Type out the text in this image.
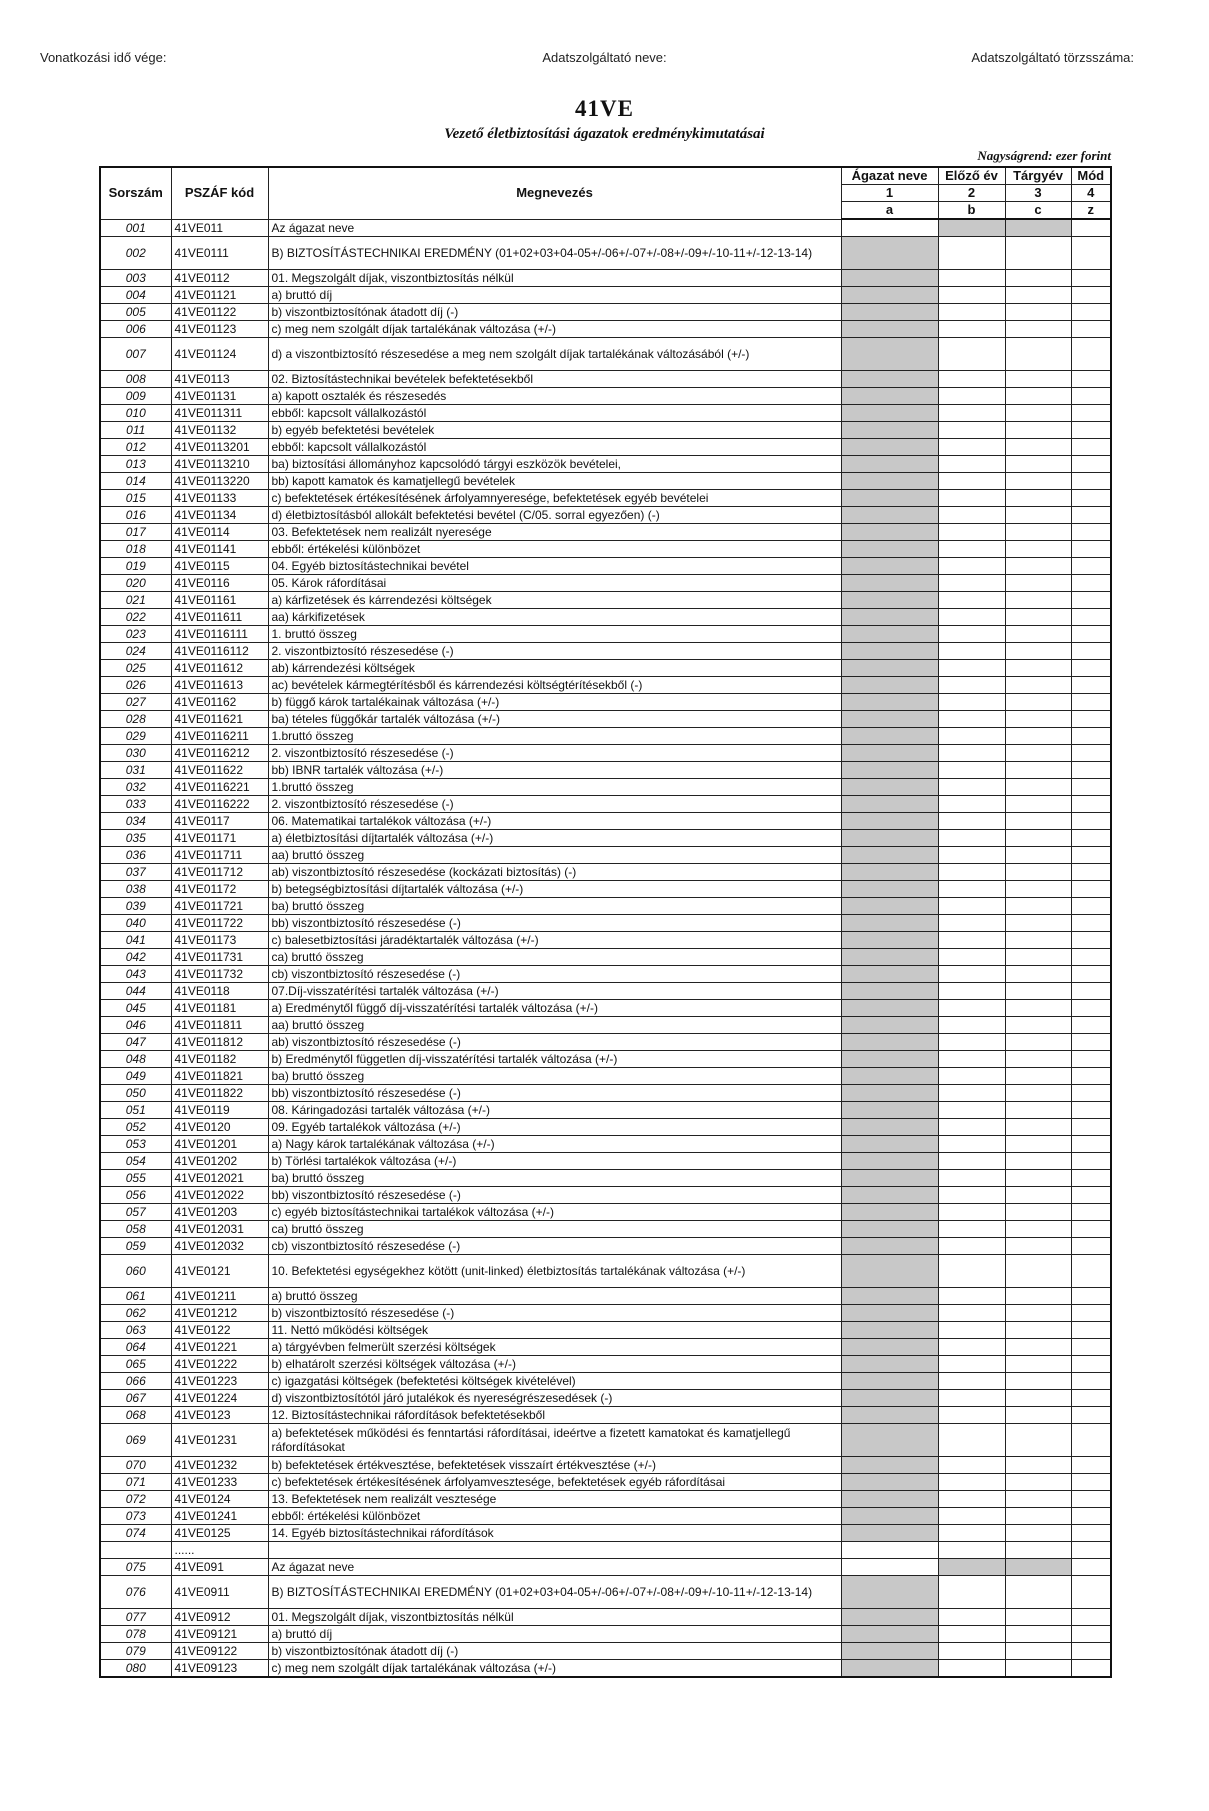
Vonatkozási idő vége:	Adatszolgáltató neve:	Adatszolgáltató törzsszáma:
41VE
Vezető életbiztosítási ágazatok eredménykimutatásai
Nagyságrend: ezer forint
Sorszám	PSZÁF kód	Megnevezés	Ágazat neve	Előző év	Tárgyév	Mód
			1	2	3	4
			a	b	c	z
001	41VE011	Az ágazat neve				
002	41VE0111	B) BIZTOSÍTÁSTECHNIKAI EREDMÉNY (01+02+03+04-05+/-06+/-07+/-08+/-09+/-10-11+/-12-13-14)				
003	41VE0112	01. Megszolgált díjak, viszontbiztosítás nélkül				
004	41VE01121	a) bruttó díj				
005	41VE01122	b) viszontbiztosítónak átadott díj (-)				
006	41VE01123	c) meg nem szolgált díjak tartalékának változása (+/-)				
007	41VE01124	d) a viszontbiztosító részesedése a meg nem szolgált díjak tartalékának változásából (+/-)				
008	41VE0113	02. Biztosítástechnikai bevételek befektetésekből				
009	41VE01131	a) kapott osztalék és részesedés				
010	41VE011311	ebből: kapcsolt vállalkozástól				
011	41VE01132	b) egyéb befektetési bevételek				
012	41VE0113201	ebből: kapcsolt vállalkozástól				
013	41VE0113210	ba) biztosítási állományhoz kapcsolódó tárgyi eszközök bevételei,				
014	41VE0113220	bb) kapott kamatok és kamatjellegű bevételek				
015	41VE01133	c) befektetések értékesítésének árfolyamnyeresége, befektetések egyéb bevételei				
016	41VE01134	d) életbiztosításból allokált befektetési bevétel (C/05. sorral egyezően) (-)				
017	41VE0114	03. Befektetések nem realizált nyeresége				
018	41VE01141	ebből: értékelési különbözet				
019	41VE0115	04. Egyéb biztosítástechnikai bevétel				
020	41VE0116	05. Károk ráfordításai				
021	41VE01161	a) kárfizetések és kárrendezési költségek				
022	41VE011611	aa) kárkifizetések				
023	41VE0116111	1. bruttó összeg				
024	41VE0116112	2. viszontbiztosító részesedése (-)				
025	41VE011612	ab) kárrendezési költségek				
026	41VE011613	ac) bevételek kármegtérítésből és kárrendezési költségtérítésekből (-)				
027	41VE01162	b) függő károk tartalékainak változása (+/-)				
028	41VE011621	ba) tételes függőkár tartalék változása (+/-)				
029	41VE0116211	1.bruttó összeg				
030	41VE0116212	2. viszontbiztosító részesedése (-)				
031	41VE011622	bb) IBNR tartalék változása (+/-)				
032	41VE0116221	1.bruttó összeg				
033	41VE0116222	2. viszontbiztosító részesedése (-)				
034	41VE0117	06. Matematikai tartalékok változása (+/-)				
035	41VE01171	a) életbiztosítási díjtartalék változása (+/-)				
036	41VE011711	aa) bruttó összeg				
037	41VE011712	ab) viszontbiztosító részesedése (kockázati biztosítás) (-)				
038	41VE01172	b) betegségbiztosítási díjtartalék változása (+/-)				
039	41VE011721	ba) bruttó összeg				
040	41VE011722	bb) viszontbiztosító részesedése (-)				
041	41VE01173	c) balesetbiztosítási járadéktartalék változása (+/-)				
042	41VE011731	ca) bruttó összeg				
043	41VE011732	cb) viszontbiztosító részesedése (-)				
044	41VE0118	07.Díj-visszatérítési tartalék változása (+/-)				
045	41VE01181	a) Eredménytől függő díj-visszatérítési tartalék változása (+/-)				
046	41VE011811	aa) bruttó összeg				
047	41VE011812	ab) viszontbiztosító részesedése (-)				
048	41VE01182	b) Eredménytől független díj-visszatérítési tartalék változása (+/-)				
049	41VE011821	ba) bruttó összeg				
050	41VE011822	bb) viszontbiztosító részesedése (-)				
051	41VE0119	08. Káringadozási tartalék változása (+/-)				
052	41VE0120	09. Egyéb tartalékok változása (+/-)				
053	41VE01201	a) Nagy károk tartalékának változása (+/-)				
054	41VE01202	b) Törlési tartalékok változása (+/-)				
055	41VE012021	ba) bruttó összeg				
056	41VE012022	bb) viszontbiztosító részesedése (-)				
057	41VE01203	c) egyéb biztosítástechnikai tartalékok változása (+/-)				
058	41VE012031	ca) bruttó összeg				
059	41VE012032	cb) viszontbiztosító részesedése (-)				
060	41VE0121	10. Befektetési egységekhez kötött (unit-linked) életbiztosítás tartalékának változása (+/-)				
061	41VE01211	a) bruttó összeg				
062	41VE01212	b) viszontbiztosító részesedése (-)				
063	41VE0122	11. Nettó működési költségek				
064	41VE01221	a) tárgyévben felmerült szerzési költségek				
065	41VE01222	b) elhatárolt szerzési költségek változása (+/-)				
066	41VE01223	c) igazgatási költségek (befektetési költségek kivételével)				
067	41VE01224	d) viszontbiztosítótól járó jutalékok és nyereségrészesedések (-)				
068	41VE0123	12. Biztosítástechnikai ráfordítások befektetésekből				
069	41VE01231	a) befektetések működési és fenntartási ráfordításai, ideértve a fizetett kamatokat és kamatjellegű ráfordításokat				
070	41VE01232	b) befektetések értékvesztése, befektetések visszaírt értékvesztése (+/-)				
071	41VE01233	c) befektetések értékesítésének árfolyamvesztesége, befektetések egyéb ráfordításai				
072	41VE0124	13. Befektetések nem realizált vesztesége				
073	41VE01241	ebből: értékelési különbözet				
074	41VE0125	14. Egyéb biztosítástechnikai ráfordítások				
	......					
075	41VE091	Az ágazat neve				
076	41VE0911	B) BIZTOSÍTÁSTECHNIKAI EREDMÉNY (01+02+03+04-05+/-06+/-07+/-08+/-09+/-10-11+/-12-13-14)				
077	41VE0912	01. Megszolgált díjak, viszontbiztosítás nélkül				
078	41VE09121	a) bruttó díj				
079	41VE09122	b) viszontbiztosítónak átadott díj (-)				
080	41VE09123	c) meg nem szolgált díjak tartalékának változása (+/-)				
